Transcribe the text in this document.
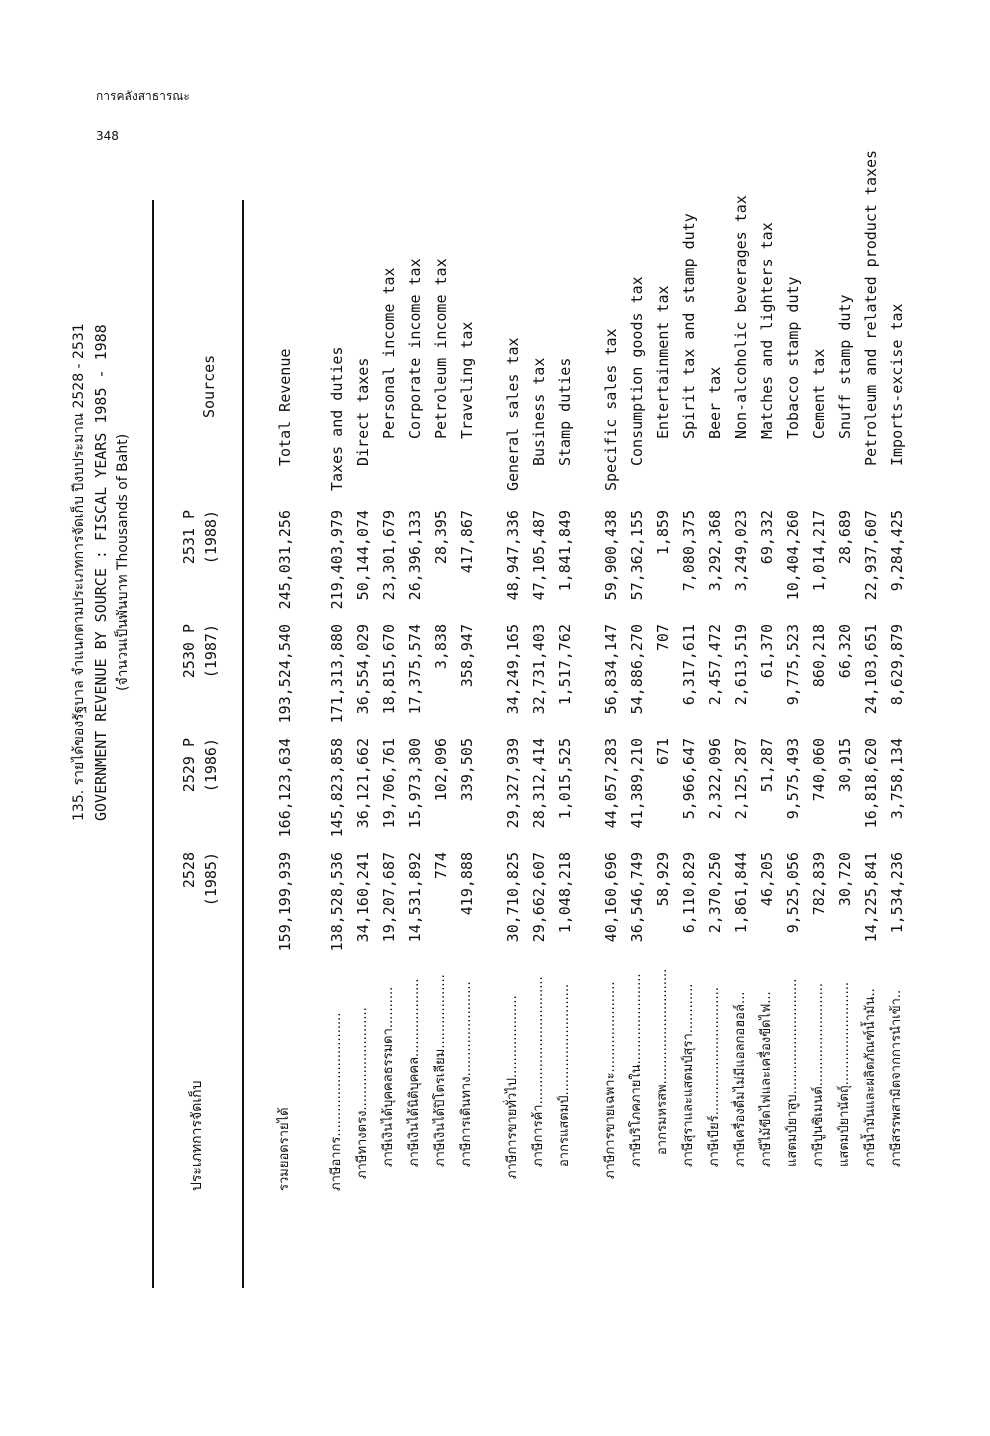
การคลังสาธารณะ
348
135. รายได้ของรัฐบาล จำแนกตามประเภทการจัดเก็บ ปีงบประมาณ 2528 - 2531 GOVERNMENT REVENUE BY SOURCE : FISCAL YEARS 1985 - 1988 (จำนวนเป็นพันบาท Thousands of Baht)
ประเภทการจัดเก็บ
2528 (1985)
2529 P (1986)
2530 P (1987)
2531 P (1988)
Sources
รวมยอดรายได้
159,199,939
166,123,634
193,524,540
245,031,256
Total Revenue
ภาษีอากร..............................
138,528,536
145,823,858
171,313,880
219,403,979
Taxes and duties
ภาษีทางตรง.........................
34,160,241
36,121,662
36,554,029
50,144,074
Direct taxes
ภาษีเงินได้บุคคลธรรมดา..........
19,207,687
19,706,761
18,815,670
23,301,679
Personal income tax
ภาษีเงินได้นิติบุคคล...................
14,531,892
15,973,300
17,375,574
26,396,133
Corporate income tax
ภาษีเงินได้ปิโตรเลียม..................
774
102,096
3,838
28,395
Petroleum income tax
ภาษีการเดินทาง.......................
419,888
339,505
358,947
417,867
Traveling tax
ภาษีการขายทั่วไป....................
30,710,825
29,327,939
34,249,165
48,947,336
General sales tax
ภาษีการค้า...............................
29,662,607
28,312,414
32,731,403
47,105,487
Business tax
อากรแสตมป์...........................
1,048,218
1,015,525
1,517,762
1,841,849
Stamp duties
ภาษีการขายเฉพาะ......................
40,160,696
44,057,283
56,834,147
59,900,438
Specific sales tax
ภาษีบริโภคภายใน......................
36,546,749
41,389,210
54,886,270
57,362,155
Consumption goods tax
อากรมหรสพ............................
58,929
671
707
1,859
Entertainment tax
ภาษีสุราและแสตมป์สุรา............
6,110,829
5,966,647
6,317,611
7,080,375
Spirit tax and stamp duty
ภาษีเบียร์...............................
2,370,250
2,322,096
2,457,472
3,292,368
Beer tax
ภาษีเครื่องดื่มไม่มีแอลกอฮอล์...
1,861,844
2,125,287
2,613,519
3,249,023
Non-alcoholic beverages tax
ภาษีไม้ขีดไฟและเครื่องขีดไฟ...
46,205
51,287
61,370
69,332
Matches and lighters tax
แสตมป์ยาสูบ............................
9,525,056
9,575,493
9,775,523
10,404,260
Tobacco stamp duty
ภาษีปูนซิเมนต์.........................
782,839
740,060
860,218
1,014,217
Cement tax
แสตมป์ยานัตถุ์.........................
30,720
30,915
66,320
28,689
Snuff stamp duty
ภาษีน้ำมันและผลิตภัณฑ์น้ำมัน..
14,225,841
16,818,620
24,103,651
22,937,607
Petroleum and related product taxes
ภาษีสรรพสามิตจากการนำเข้า..
1,534,236
3,758,134
8,629,879
9,284,425
Imports-excise tax
